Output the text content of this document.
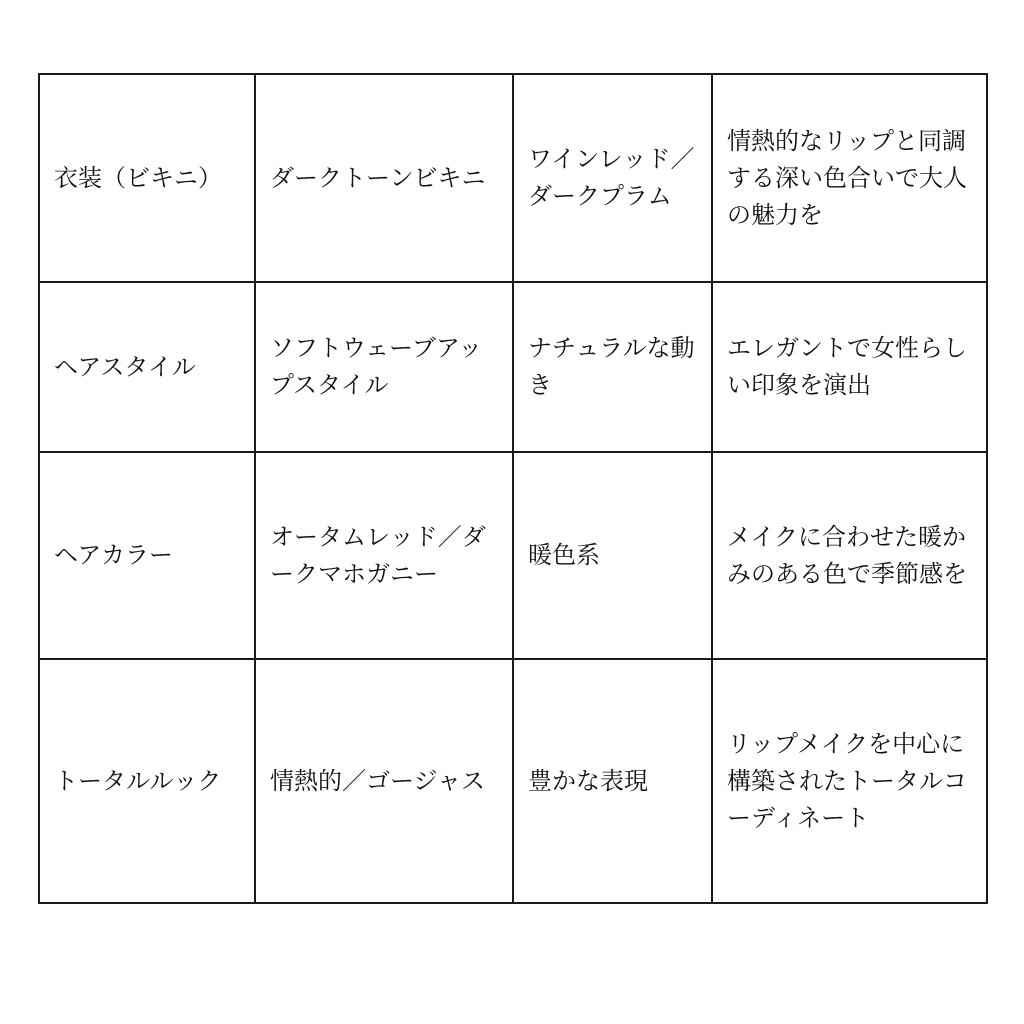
衣装（ビキニ）	ダークトーンビキニ	ワインレッド／ダークプラム	情熱的なリップと同調する深い色合いで大人の魅力を
ヘアスタイル	ソフトウェーブアップスタイル	ナチュラルな動き	エレガントで女性らしい印象を演出
ヘアカラー	オータムレッド／ダークマホガニー	暖色系	メイクに合わせた暖かみのある色で季節感を
トータルルック	情熱的／ゴージャス	豊かな表現	リップメイクを中心に構築されたトータルコーディネート
